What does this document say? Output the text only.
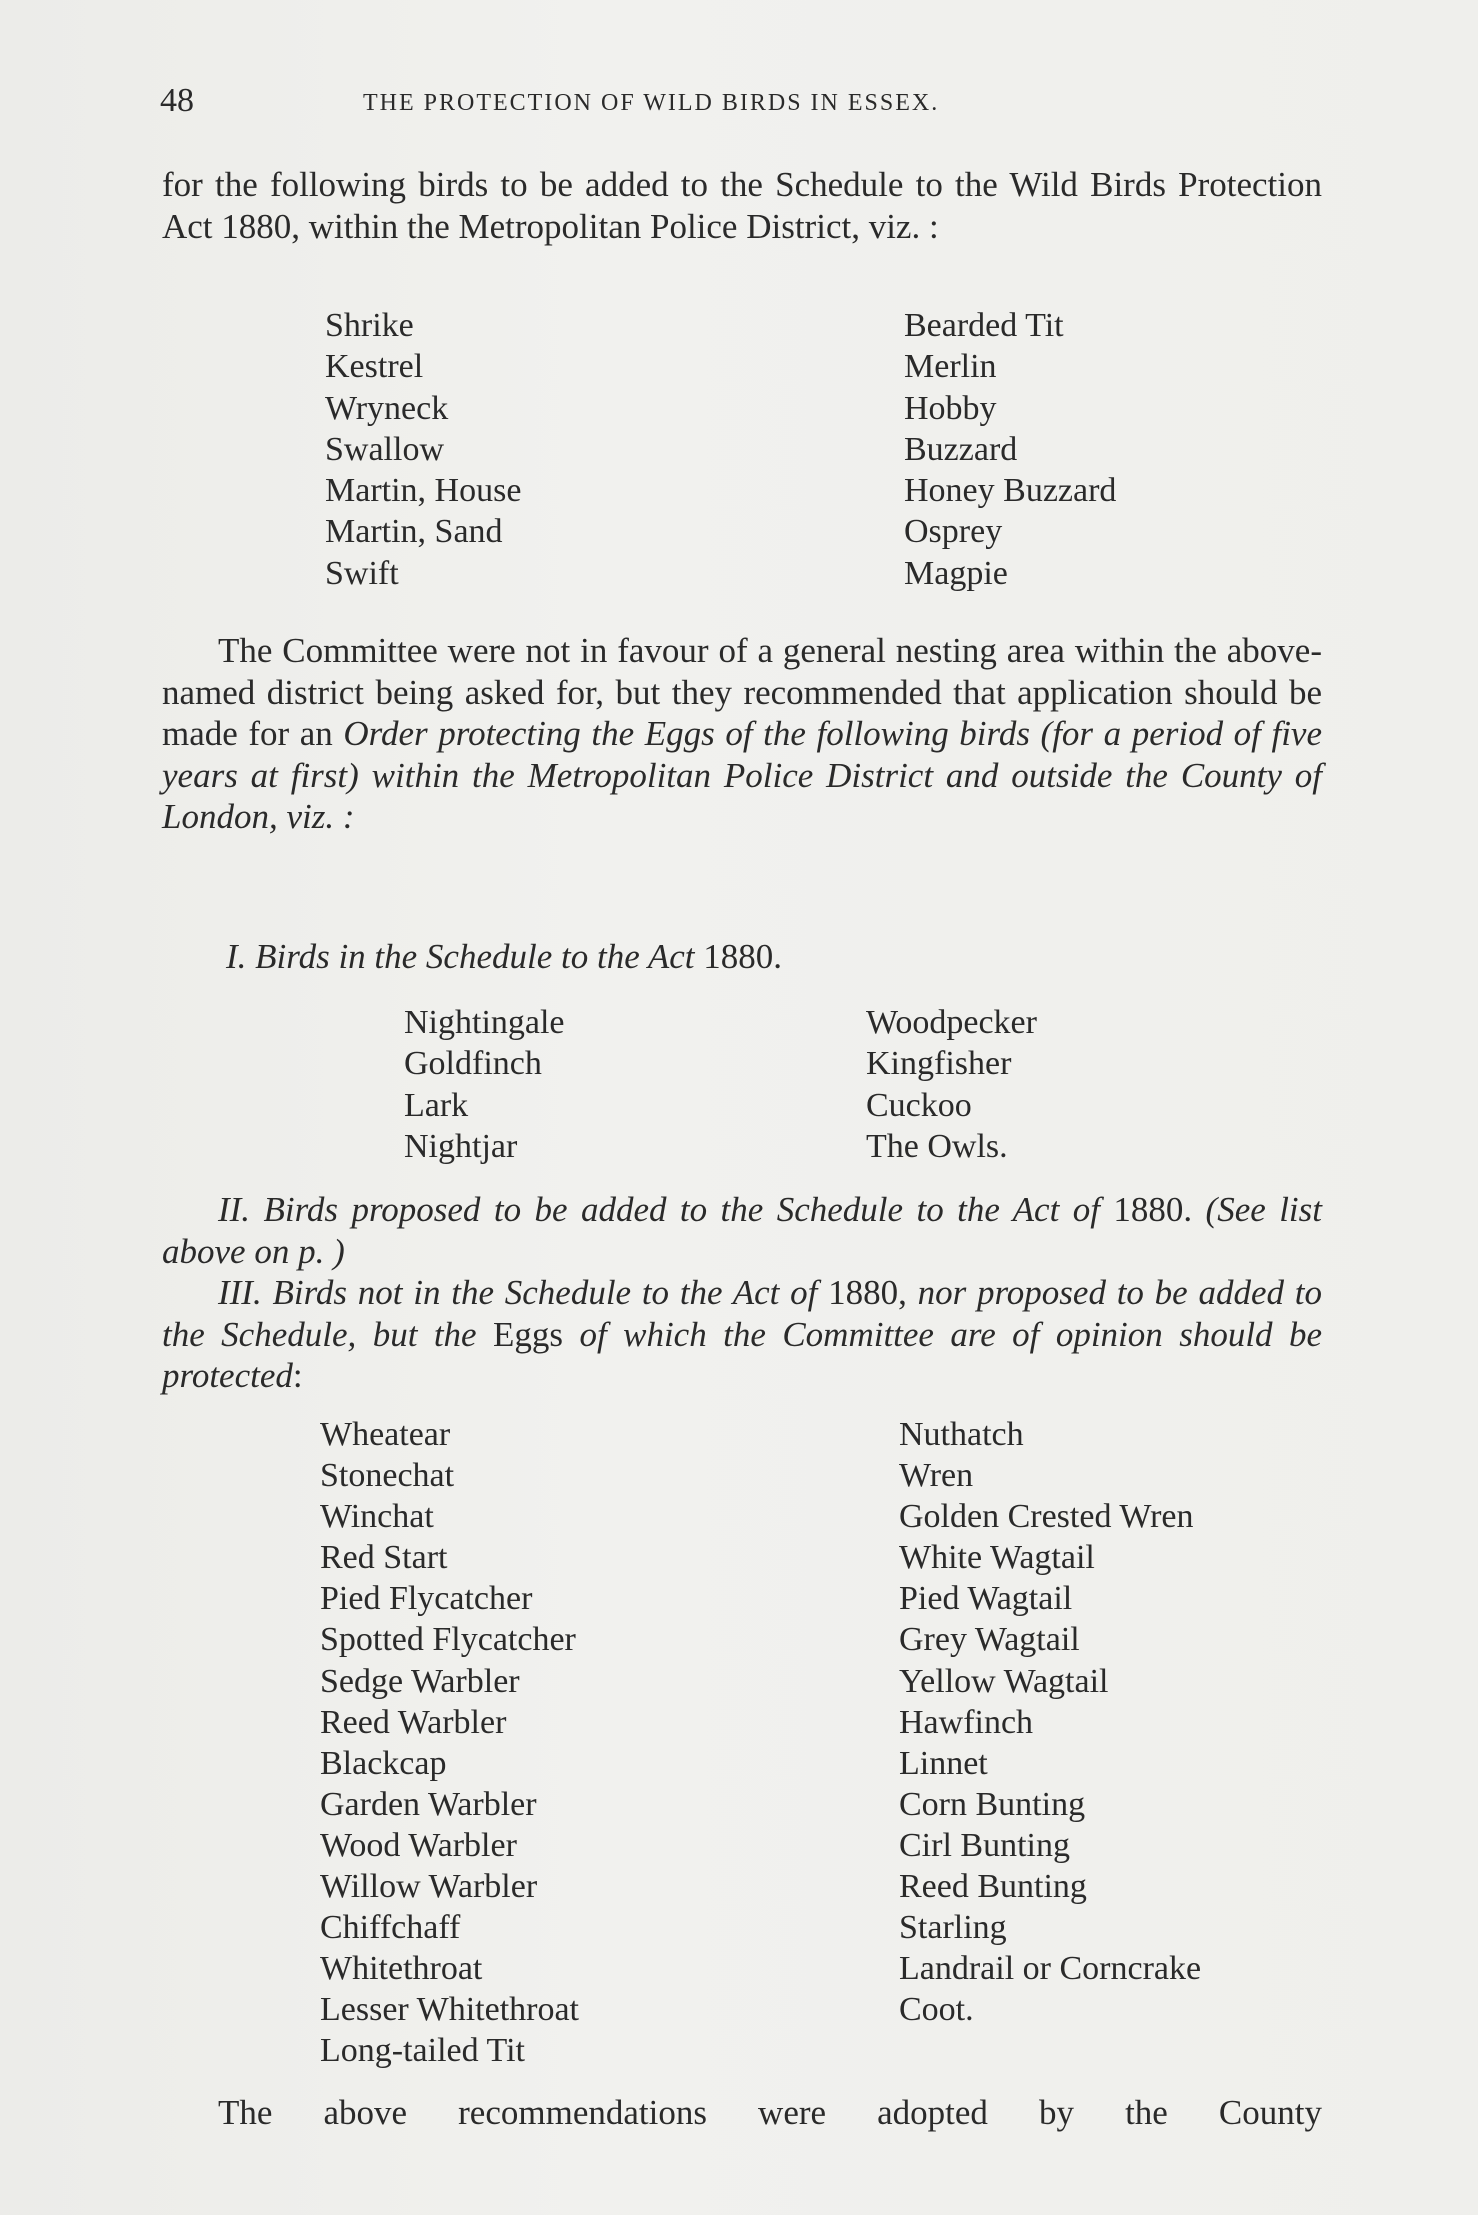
48	THE PROTECTION OF WILD BIRDS IN ESSEX.

for the following birds to be added to the Schedule to the Wild Birds Protection Act 1880, within the Metropolitan Police District, viz. :

Shrike
Kestrel
Wryneck
Swallow
Martin, House
Martin, Sand
Swift
Bearded Tit
Merlin
Hobby
Buzzard
Honey Buzzard
Osprey
Magpie

The Committee were not in favour of a general nesting area within the above-named district being asked for, but they recommended that application should be made for an Order protecting the Eggs of the following birds (for a period of five years at first) within the Metropolitan Police District and outside the County of London, viz. :

I. Birds in the Schedule to the Act 1880.
Nightingale
Goldfinch
Lark
Nightjar
Woodpecker
Kingfisher
Cuckoo
The Owls.

II. Birds proposed to be added to the Schedule to the Act of 1880. (See list above on p. )

III. Birds not in the Schedule to the Act of 1880, nor proposed to be added to the Schedule, but the Eggs of which the Committee are of opinion should be protected:

Wheatear
Stonechat
Winchat
Red Start
Pied Flycatcher
Spotted Flycatcher
Sedge Warbler
Reed Warbler
Blackcap
Garden Warbler
Wood Warbler
Willow Warbler
Chiffchaff
Whitethroat
Lesser Whitethroat
Long-tailed Tit
Nuthatch
Wren
Golden Crested Wren
White Wagtail
Pied Wagtail
Grey Wagtail
Yellow Wagtail
Hawfinch
Linnet
Corn Bunting
Cirl Bunting
Reed Bunting
Starling
Landrail or Corncrake
Coot.

The above recommendations were adopted by the County
